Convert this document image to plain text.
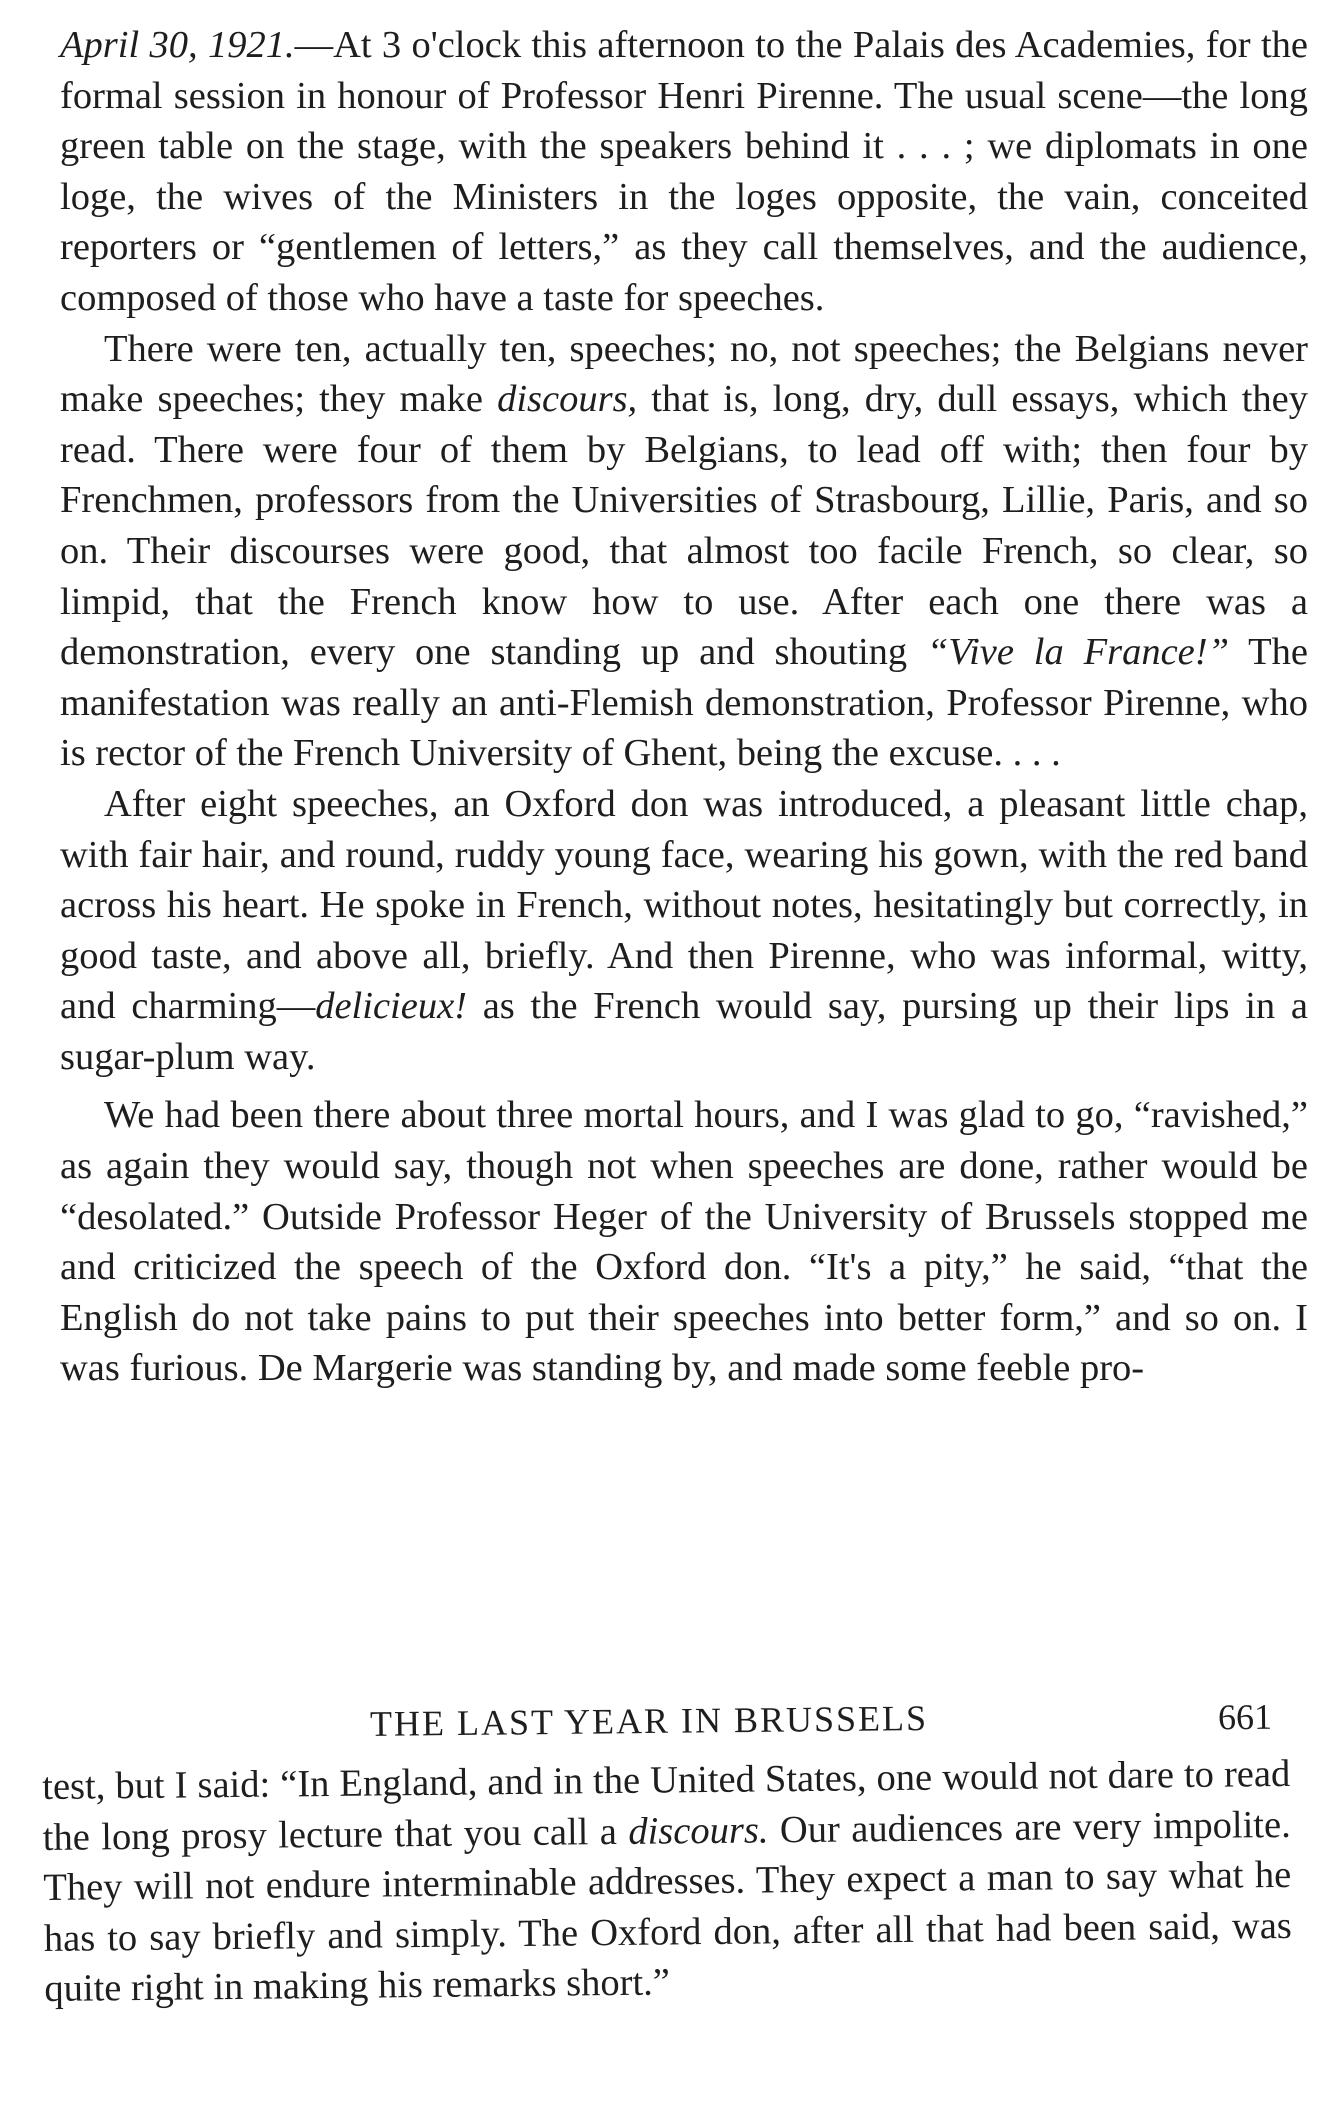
April 30, 1921.—At 3 o'clock this afternoon to the Palais des Academies, for the formal session in honour of Professor Henri Pirenne. The usual scene—the long green table on the stage, with the speakers behind it . . . ; we diplomats in one loge, the wives of the Ministers in the loges opposite, the vain, conceited reporters or “gentlemen of letters,” as they call themselves, and the audience, composed of those who have a taste for speeches.

There were ten, actually ten, speeches; no, not speeches; the Belgians never make speeches; they make discours, that is, long, dry, dull essays, which they read. There were four of them by Belgians, to lead off with; then four by Frenchmen, professors from the Universities of Strasbourg, Lillie, Paris, and so on. Their discourses were good, that almost too facile French, so clear, so limpid, that the French know how to use. After each one there was a demonstration, every one standing up and shouting “Vive la France!” The manifestation was really an anti-Flemish demonstration, Professor Pirenne, who is rector of the French University of Ghent, being the excuse. . . .

After eight speeches, an Oxford don was introduced, a pleasant little chap, with fair hair, and round, ruddy young face, wearing his gown, with the red band across his heart. He spoke in French, without notes, hesitatingly but correctly, in good taste, and above all, briefly. And then Pirenne, who was informal, witty, and charming—delicieux! as the French would say, pursing up their lips in a sugar-plum way.

We had been there about three mortal hours, and I was glad to go, “ravished,” as again they would say, though not when speeches are done, rather would be “desolated.” Outside Professor Heger of the University of Brussels stopped me and criticized the speech of the Oxford don. “It's a pity,” he said, “that the English do not take pains to put their speeches into better form,” and so on. I was furious. De Margerie was standing by, and made some feeble pro-

THE LAST YEAR IN BRUSSELS	661

test, but I said: “In England, and in the United States, one would not dare to read the long prosy lecture that you call a discours. Our audiences are very impolite. They will not endure interminable addresses. They expect a man to say what he has to say briefly and simply. The Oxford don, after all that had been said, was quite right in making his remarks short.”
